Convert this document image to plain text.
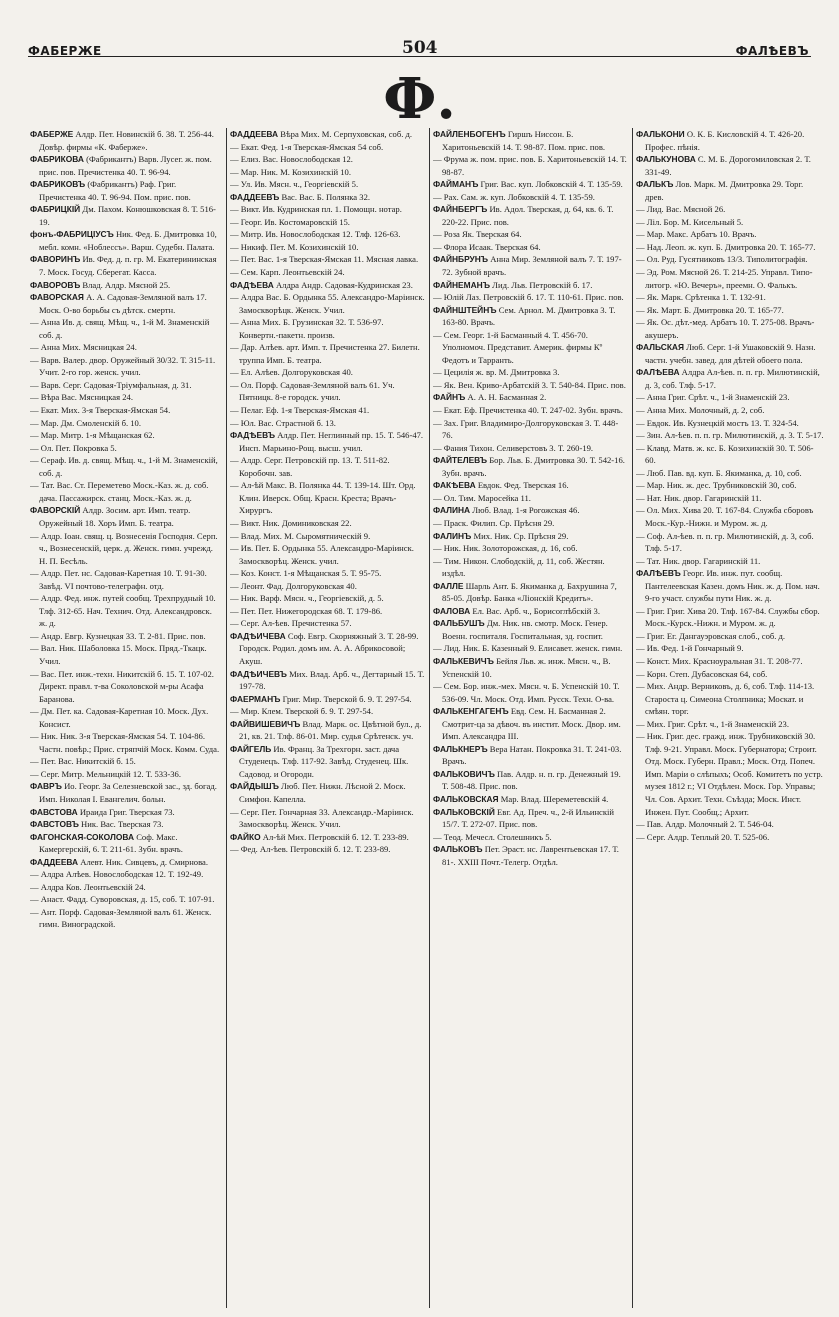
ФАБЕРЖЕ	504	ФАЛѢЕВЪ
Ф.

ФАБЕРЖЕ Алдр. Пет. Новинскій б. 38. Т. 256-44. Довѣр. фирмы «К. Фаберже».

ФАБРИКОВА (Фабрикантъ) Варв. Лусег. ж. пом. прис. пов. Пречистенка 40. Т. 96-94.

ФАБРИКОВЪ (Фабрикантъ) Раф. Григ. Пречистенка 40. Т. 96-94. Пом. прис. пов.

ФАБРИЦКІЙ Дм. Пахом. Конюшковская 8. Т. 516-19.

фонъ-ФАБРИЦІУСЪ Ник. Фед. Б. Дмитровка 10, мебл. комн. «Ноблессъ». Варш. Судебн. Палата.

ФАВОРИНЪ Ив. Фед. д. п. гр. М. Екатерининская 7. Моск. Госуд. Сберегат. Касса.

ФАВОРОВЪ Влад. Алдр. Мясной 25.

ФАВОРСКАЯ А. А. Садовая-Земляной валъ 17. Моск. О-во борьбы съ дѣтск. смертн.

— Анна Ив. д. свящ. Мѣщ. ч., 1-й М. Знаменскій соб. д.

— Анна Мих. Мясницкая 24.

— Варв. Валер. двор. Оружейный 30/32. Т. 315-11. Учит. 2-го гор. женск. учил.

— Варв. Серг. Садовая-Тріумфальная, д. 31.

— Вѣра Вас. Мясницкая 24.

— Екат. Мих. 3-я Тверская-Ямская 54.

— Мар. Дм. Смоленскій б. 10.

— Мар. Митр. 1-я Мѣщанская 62.

— Ол. Пет. Покровка 5.

— Сераф. Ив. д. свящ. Мѣщ. ч., 1-й М. Знаменскій, соб. д.

— Тат. Вас. Ст. Переметево Моск.-Каз. ж. д. соб. дача. Пассажирск. станц. Моск.-Каз. ж. д.

ФАВОРСКІЙ Алдр. Зосим. арт. Имп. театр. Оружейный 18. Хоръ Имп. Б. театра.

— Алдр. Іоан. свящ. ц. Вознесенія Господня. Серп. ч., Вознесенскій, церк. д. Женск. гимн. учрежд. Н. П. Бесѣль.

— Алдр. Пет. нс. Садовая-Каретная 10. Т. 91-30. Завѣд. VI почтово-телеграфн. отд.

— Алдр. Фед. инж. путей сообщ. Трехпрудный 10. Тлф. 312-65. Нач. Технич. Отд. Александровск. ж. д.

— Андр. Евгр. Кузнецкая 33. Т. 2-81. Прис. пов.

— Вал. Ник. Шаболовка 15. Моск. Пряд.-Ткацк. Учил.

— Вас. Пет. инж.-техн. Никитскій б. 15. Т. 107-02. Директ. правл. т-ва Соколовской м-ры Асафа Баранова.

— Дм. Пет. ка. Садовая-Каретная 10. Моск. Дух. Консист.

— Ник. Ник. 3-я Тверская-Ямская 54. Т. 104-86. Частн. повѣр.; Прис. стряпчій Моск. Комм. Суда.

— Пет. Вас. Никитскій б. 15.

— Серг. Митр. Мельницкій 12. Т. 533-36.

ФАВРЪ Ио. Георг. За Селезневской зас., зд. богад. Имп. Николая I. Евангелич. больн.

ФАВСТОВА Ираида Григ. Тверская 73.

ФАВСТОВЪ Ник. Вас. Тверская 73.

ФАГОНСКАЯ-СОКОЛОВА Соф. Макс. Камергерскій, 6. Т. 211-61. Зубн. врачъ.

ФАДДЕЕВА Алевт. Ник. Сивцевъ, д. Смирнова.

— Алдра Алѣев. Новослободская 12. Т. 192-49.

— Алдра Ков. Леонтьевскій 24.

— Анаст. Фадд. Суворовская, д. 15, соб. Т. 107-91.

— Ант. Порф. Садовая-Земляной валъ 61. Женск. гимн. Виноградской.

ФАДДЕЕВА Вѣра Мих. М. Серпуховская, соб. д.

— Екат. Фед. 1-я Тверская-Ямская 54 соб.

— Елиз. Вас. Новослободская 12.

— Мар. Ник. М. Козихинскій 10.

— Ул. Ив. Мясн. ч., Георгіевскій 5.

ФАДДЕЕВЪ Вас. Вас. Б. Полянка 32.

— Викт. Ив. Кудринская пл. 1. Помощн. нотар.

— Георг. Ив. Костомаровскій 15.

— Митр. Ив. Новослободская 12. Тлф. 126-63.

— Никиф. Пет. М. Козихинскій 10.

— Пет. Вас. 1-я Тверская-Ямская 11. Мясная лавка.

— Сем. Карп. Леонтьевскій 24.

ФАДѢЕВА Алдра Андр. Садовая-Кудринская 23.

— Алдра Вас. Б. Ордынка 55. Александро-Маріинск. Замоскворѣцк. Женск. Учил.

— Анна Мих. Б. Грузинская 32. Т. 536-97. Конвертн.-пакетн. произв.

— Дар. Алѣев. арт. Имп. т. Пречистенка 27. Билетн. труппа Имп. Б. театра.

— Ел. Алѣев. Долгоруковская 40.

— Ол. Порф. Садовая-Земляной валъ 61. Уч. Пятницк. 8-е городск. учил.

— Пелаг. Еф. 1-я Тверская-Ямская 41.

— Юл. Вас. Страстной б. 13.

ФАДѢЕВЪ Алдр. Пет. Неглинный пр. 15. Т. 546-47. Инсп. Марьино-Рощ. высш. учил.

— Алдр. Серг. Петровскій пр. 13. Т. 511-82. Коробочн. зав.

— Ал-ѣй Макс. В. Полянка 44. Т. 139-14. Шт. Орд. Клин. Иверск. Общ. Красн. Креста; Врачъ-Хирургъ.

— Викт. Ник. Доминиковская 22.

— Влад. Мих. М. Сыромятническій 9.

— Ив. Пет. Б. Ордынка 55. Александро-Маріинск. Замоскворѣц. Женск. учил.

— Коз. Конст. 1-я Мѣщанская 5. Т. 95-75.

— Леонт. Фад. Долгоруковская 40.

— Ник. Варф. Мясн. ч., Георгіевскій, д. 5.

— Пет. Пет. Нижегородская 68. Т. 179-86.

— Серг. Ал-ѣев. Пречистенка 57.

ФАДѢИЧЕВА Соф. Евгр. Скорняжный 3. Т. 28-99. Городск. Родил. домъ им. А. А. Абрикосовой; Акуш.

ФАДѢИЧЕВЪ Мих. Влад. Арб. ч., Дегтарный 15. Т. 197-78.

ФАЕРМАНЪ Григ. Мир. Тверской б. 9. Т. 297-54.

— Мир. Клем. Тверской б. 9. Т. 297-54.

ФАЙВИШЕВИЧЪ Влад. Марк. ос. Цвѣтной бул., д. 21, кв. 21. Тлф. 86-01. Мир. судья Срѣтенск. уч.

ФАЙГЕЛЬ Ив. Франц. За Трехгорн. заст. дача Студенецъ. Тлф. 117-92. Завѣд. Студенец. Шк. Садовод. и Огородн.

ФАЙДЫШЪ Люб. Пет. Нижн. Лѣсной 2. Моск. Симфон. Капелла.

— Серг. Пет. Гончарная 33. Александр.-Маріинск. Замоскворѣц. Женск. Учил.

ФАЙКО Ал-ѣй Мих. Петровскій б. 12. Т. 233-89.

— Фед. Ал-ѣев. Петровскій б. 12. Т. 233-89.

ФАЙЛЕНБОГЕНЪ Гиршъ Ниссон. Б. Харитоньевскій 14. Т. 98-87. Пом. прис. пов.

— Фрума ж. пом. прис. пов. Б. Харитоньевскій 14. Т. 98-87.

ФАЙМАНЪ Григ. Вас. куп. Лобковскій 4. Т. 135-59.

— Рах. Сам. ж. куп. Лобковскій 4. Т. 135-59.

ФАЙНБЕРГЪ Ив. Адол. Тверская, д. 64, кв. 6. Т. 220-22. Прис. пов.

— Роза Як. Тверская 64.

— Флора Исаак. Тверская 64.

ФАЙНБРУНЪ Анна Мир. Земляной валъ 7. Т. 197-72. Зубной врачъ.

ФАЙНЕМАНЪ Лид. Льв. Петровскій б. 17.

— Юлій Лаз. Петровскій б. 17. Т. 110-61. Прис. пов.

ФАЙНШТЕЙНЪ Сем. Арнол. М. Дмитровка 3. Т. 163-80. Врачъ.

— Сем. Георг. 1-й Басманный 4. Т. 456-70. Уполномоч. Представит. Америк. фирмы Кº Федотъ и Тарранть.

— Цецилія ж. вр. М. Дмитровка 3.

— Як. Вен. Криво-Арбатскій 3. Т. 540-84. Прис. пов.

ФАЙНЪ А. А. Н. Басманная 2.

— Екат. Еф. Пречистенка 40. Т. 247-02. Зубн. врачъ.

— Зах. Григ. Владимиро-Долгоруковская 3. Т. 448-76.

— Фания Тихон. Селиверстовъ 3. Т. 260-19.

ФАЙТЕЛЕВЪ Бор. Льв. Б. Дмитровка 30. Т. 542-16. Зубн. врачъ.

ФАКѢЕВА Евдок. Фед. Тверская 16.

— Ол. Тим. Маросейка 11.

ФАЛИНА Люб. Влад. 1-я Рогожская 46.

— Праск. Филип. Ср. Прѣсня 29.

ФАЛИНЪ Мих. Ник. Ср. Прѣсня 29.

— Ник. Ник. Золоторожская, д. 16, соб.

— Тим. Никон. Слободскій, д. 11, соб. Жестян. издѣл.

ФАЛЛЕ Шарль Ант. Б. Якиманка д. Бахрушина 7, 85-05. Довѣр. Банка «Ліонскій Кредитъ».

ФАЛОВА Ел. Вас. Арб. ч., Борисоглѣбскій 3.

ФАЛЬБУШЪ Дм. Ник. нв. смотр. Моск. Генер. Военн. госпиталя. Госпитальная, зд. госпит.

— Лид. Ник. Б. Казенный 9. Елисавет. женск. гимн.

ФАЛЬКЕВИЧЪ Бейля Льв. ж. инж. Мясн. ч., В. Успенскій 10.

— Сем. Бор. инж.-мех. Мясн. ч. Б. Успенскій 10. Т. 536-09. Чл. Моск. Отд. Имп. Русск. Техн. О-ва.

ФАЛЬКЕНГАГЕНЪ Евд. Сем. Н. Басманная 2. Смотрит-ца за дѣвоч. въ инстит. Моск. Двор. им. Имп. Александра III.

ФАЛЬКНЕРЪ Вера Натан. Покровка 31. Т. 241-03. Врачъ.

ФАЛЬКОВИЧЪ Пав. Алдр. н. п. гр. Денежный 19. Т. 508-48. Прис. пов.

ФАЛЬКОВСКАЯ Мар. Влад. Шереметевскій 4.

ФАЛЬКОВСКІЙ Евг. Ад. Преч. ч., 2-й Ильинскій 15/7. Т. 272-07. Прис. пов.

— Теод. Мечесл. Столешникъ 5.

ФАЛЬКОВЪ Пет. Эраст. нс. Лаврентьевская 17. Т. 81-. XXIII Почт.-Телегр. Отдѣл.

ФАЛЬКОНИ О. К. Б. Кисловскій 4. Т. 426-20. Профес. пѣнія.

ФАЛЬКУНОВА С. М. Б. Дорогомиловская 2. Т. 331-49.

ФАЛЬКЪ Лов. Марк. М. Дмитровка 29. Торг. древ.

— Лид. Вас. Мясной 26.

— Ліл. Бор. М. Кисельный 5.

— Мар. Макс. Арбатъ 10. Врачъ.

— Над. Леоп. ж. куп. Б. Дмитровка 20. Т. 165-77.

— Ол. Руд. Гусятниковъ 13/3. Типолитографія.

— Эд. Ром. Мясной 26. Т. 214-25. Управл. Типо-литогр. «Ю. Вечеръ», преемн. О. Фалькъ.

— Як. Марк. Срѣтенка 1. Т. 132-91.

— Як. Март. Б. Дмитровка 20. Т. 165-77.

— Як. Ос. дѣт.-мед. Арбатъ 10. Т. 275-08. Врачъ-акушеръ.

ФАЛЬСКАЯ Люб. Серг. 1-й Ушаковскій 9. Назн. частн. учебн. завед. для дѣтей обоего пола.

ФАЛѢЕВА Алдра Ал-ѣев. п. п. гр. Милютинскій, д. 3, соб. Тлф. 5-17.

— Анна Григ. Срѣт. ч., 1-й Знаменскій 23.

— Анна Мих. Молочный, д. 2, соб.

— Евдок. Ив. Кузнецкій мостъ 13. Т. 324-54.

— Зин. Ал-ѣев. п. п. гр. Милютинскій, д. 3. Т. 5-17.

— Клавд. Матв. ж. кс. Б. Козихинскій 30. Т. 506-60.

— Люб. Пав. вд. куп. Б. Якиманка, д. 10, соб.

— Мар. Ник. ж. дес. Трубниковскій 30, соб.

— Нат. Ник. двор. Гагаринскій 11.

— Ол. Мих. Хива 20. Т. 167-84. Служба сборовъ Моск.-Кур.-Нижн. и Муром. ж. д.

— Соф. Ал-ѣев. п. п. гр. Милютинскій, д. 3, соб. Тлф. 5-17.

— Тат. Ник. двор. Гагаринскій 11.

ФАЛѢЕВЪ Георг. Ив. инж. пут. сообщ. Пантелеевская Казен. домъ Ник. ж. д. Пом. нач. 9-го участ. службы пути Ник. ж. д.

— Григ. Григ. Хива 20. Тлф. 167-84. Службы сбор. Моск.-Курск.-Нижн. и Муром. ж. д.

— Григ. Ег. Дангауэровская слоб., соб. д.

— Ив. Фед. 1-й Гончарный 9.

— Конст. Мих. Красноуральная 31. Т. 208-77.

— Корн. Степ. Дубасовская 64, соб.

— Мих. Андр. Верниковъ, д. 6, соб. Тлф. 114-13. Староста ц. Симеона Столпника; Москат. и смѣян. торг.

— Мих. Григ. Срѣт. ч., 1-й Знаменскій 23.

— Ник. Григ. дес. гражд. инж. Трубниковскій 30. Тлф. 9-21. Управл. Моск. Губернатора; Строит. Отд. Моск. Губерн. Правл.; Моск. Отд. Попеч. Имп. Маріи о слѣпыхъ; Особ. Комитетъ по устр. музея 1812 г.; VI Отдѣлен. Моск. Гор. Управы; Чл. Сов. Архит. Техн. Съѣзда; Моск. Инст. Инжен. Пут. Сообщ.; Архит.

— Пав. Алдр. Молочный 2. Т. 546-04.

— Серг. Алдр. Теплый 20. Т. 525-06.
